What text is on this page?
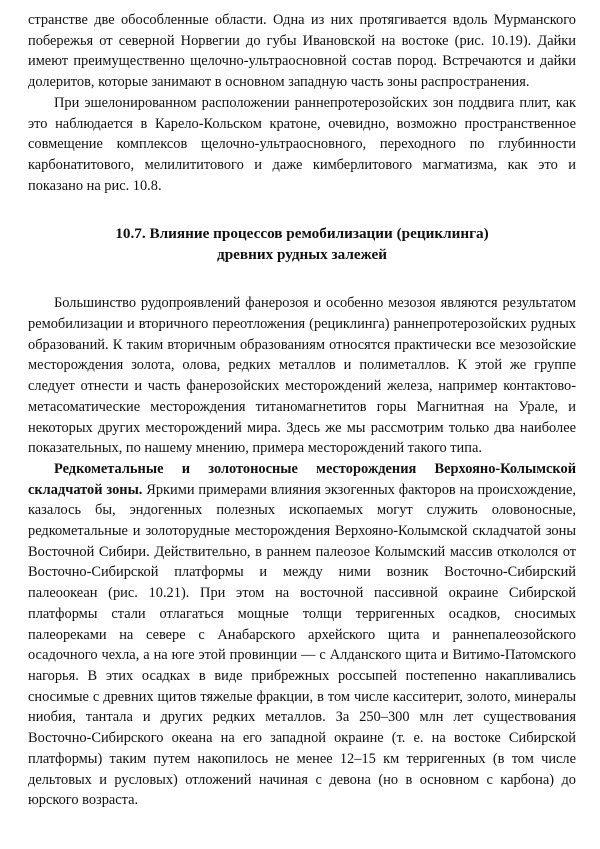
странстве две обособленные области. Одна из них протягивается вдоль Мурманского побережья от северной Норвегии до губы Ивановской на востоке (рис. 10.19). Дайки имеют преимущественно щелочно-ультраосновной состав пород. Встречаются и дайки долеритов, которые занимают в основном западную часть зоны распространения.

При эшелонированном расположении раннепротерозойских зон поддвига плит, как это наблюдается в Карело-Кольском кратоне, очевидно, возможно пространственное совмещение комплексов щелочно-ультраосновного, переходного по глубинности карбонатитового, мелилититового и даже кимберлитового магматизма, как это и показано на рис. 10.8.

10.7. Влияние процессов ремобилизации (рециклинга)
древних рудных залежей

Большинство рудопроявлений фанерозоя и особенно мезозоя являются результатом ремобилизации и вторичного переотложения (рециклинга) раннепротерозойских рудных образований. К таким вторичным образованиям относятся практически все мезозойские месторождения золота, олова, редких металлов и полиметаллов. К этой же группе следует отнести и часть фанерозойских месторождений железа, например контактово-метасоматические месторождения титаномагнетитов горы Магнитная на Урале, и некоторых других месторождений мира. Здесь же мы рассмотрим только два наиболее показательных, по нашему мнению, примера месторождений такого типа.

Редкометальные и золотоносные месторождения Верхояно-Колымской складчатой зоны. Яркими примерами влияния экзогенных факторов на происхождение, казалось бы, эндогенных полезных ископаемых могут служить оловоносные, редкометальные и золоторудные месторождения Верхояно-Колымской складчатой зоны Восточной Сибири. Действительно, в раннем палеозое Колымский массив откололся от Восточно-Сибирской платформы и между ними возник Восточно-Сибирский палеоокеан (рис. 10.21). При этом на восточной пассивной окраине Сибирской платформы стали отлагаться мощные толщи терригенных осадков, сносимых палеореками на севере с Анабарского архейского щита и раннепалеозойского осадочного чехла, а на юге этой провинции — с Алданского щита и Витимо-Патомского нагорья. В этих осадках в виде прибрежных россыпей постепенно накапливались сносимые с древних щитов тяжелые фракции, в том числе касситерит, золото, минералы ниобия, тантала и других редких металлов. За 250–300 млн лет существования Восточно-Сибирского океана на его западной окраине (т. е. на востоке Сибирской платформы) таким путем накопилось не менее 12–15 км терригенных (в том числе дельтовых и русловых) отложений начиная с девона (но в основном с карбона) до юрского возраста.
